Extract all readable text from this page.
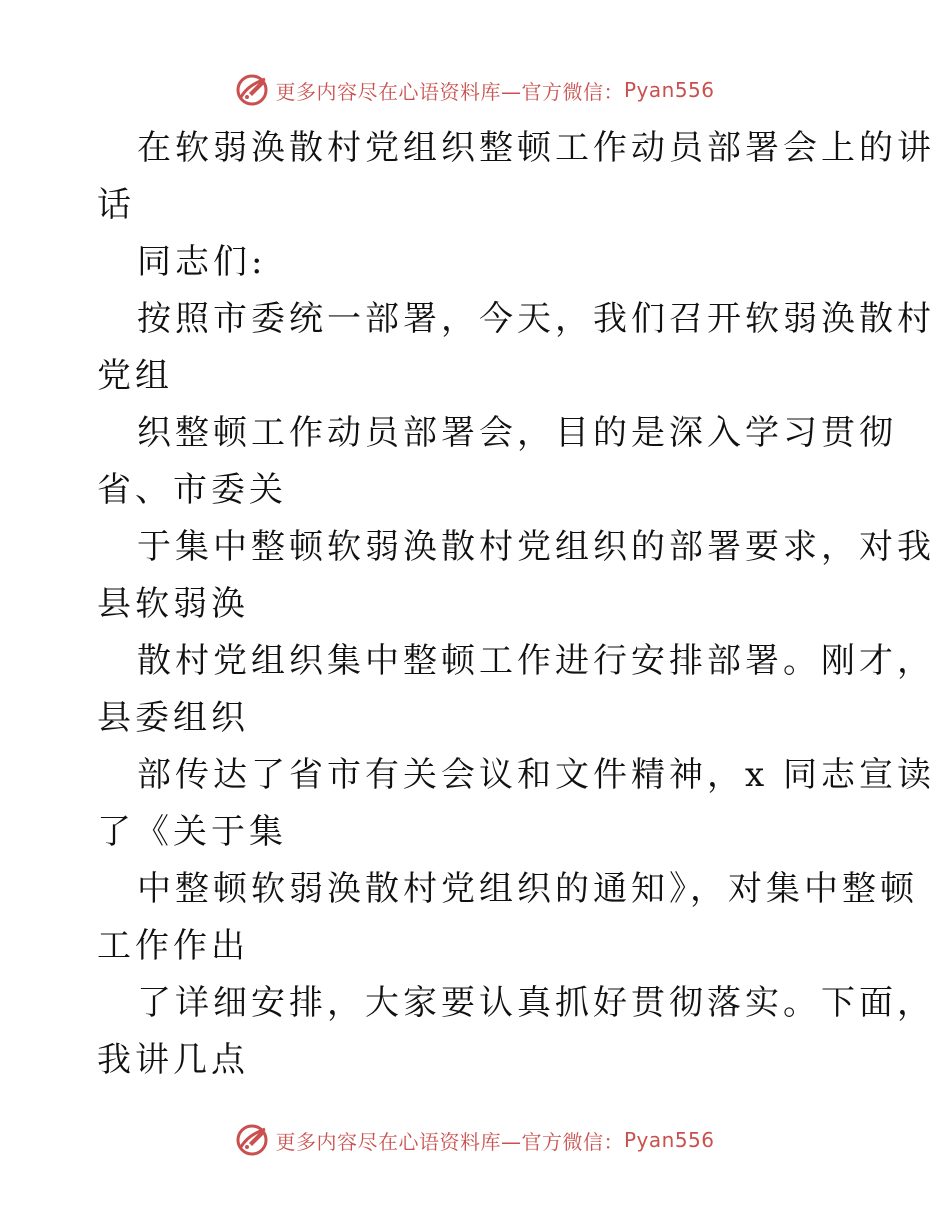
更多内容尽在心语资料库—官方微信： Pyan556
在软弱涣散村党组织整顿工作动员部署会上的讲
话
同志们:
按照市委统一部署，今天，我们召开软弱涣散村
党组
织整顿工作动员部署会，目的是深入学习贯彻
省、市委关
于集中整顿软弱涣散村党组织的部署要求，对我
县软弱涣
散村党组织集中整顿工作进行安排部署。刚才，
县委组织
部传达了省市有关会议和文件精神，x 同志宣读
了《关于集
中整顿软弱涣散村党组织的通知》，对集中整顿
工作作出
了详细安排，大家要认真抓好贯彻落实。下面，
我讲几点
更多内容尽在心语资料库—官方微信： Pyan556
